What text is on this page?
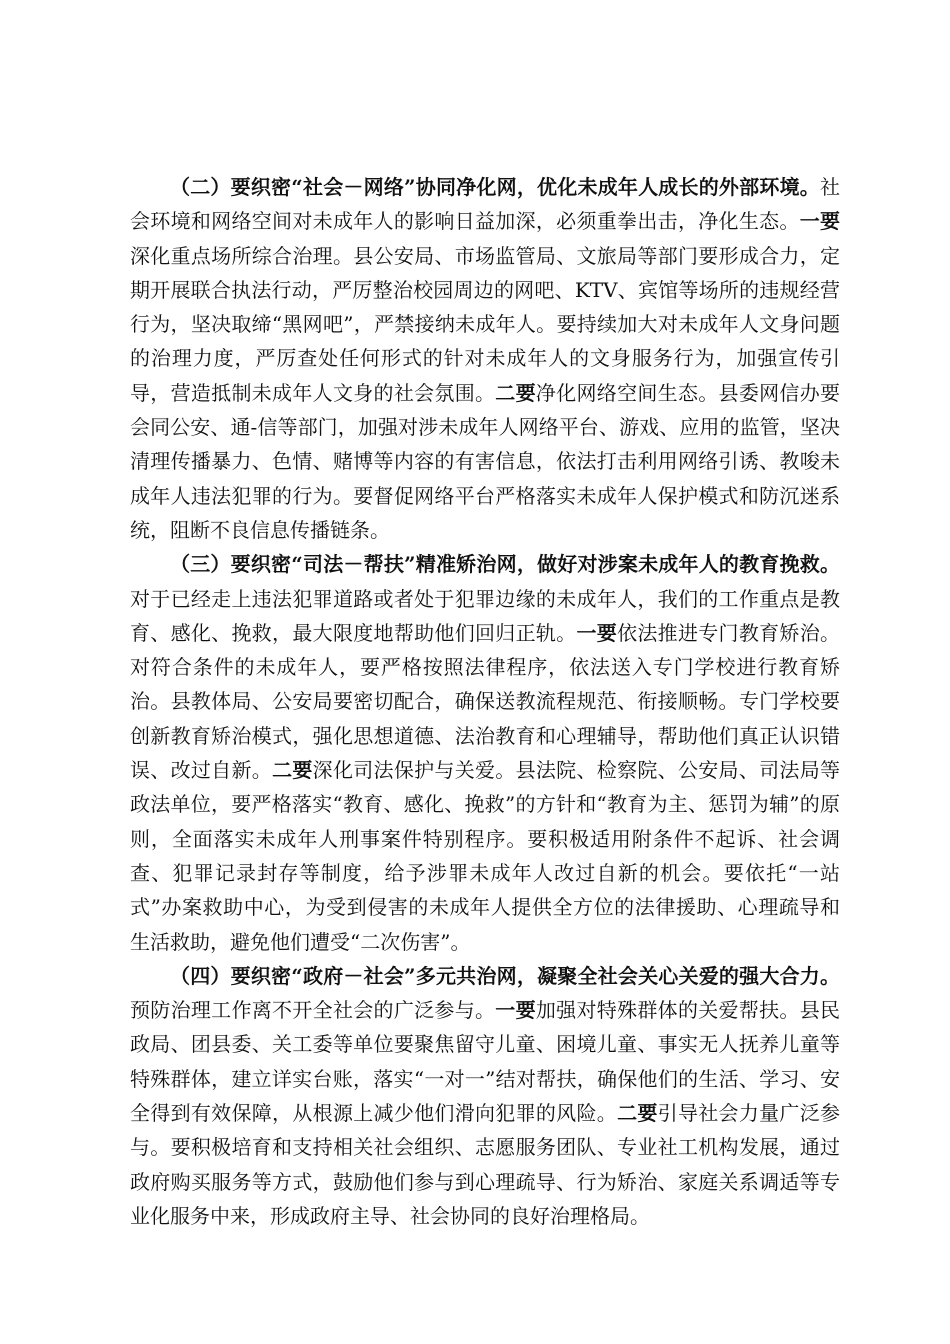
（二）要织密“社会－网络”协同净化网，优化未成年人成长的外部环境。社会环境和网络空间对未成年人的影响日益加深，必须重拳出击，净化生态。一要深化重点场所综合治理。县公安局、市场监管局、文旅局等部门要形成合力，定期开展联合执法行动，严厉整治校园周边的网吧、KTV、宾馆等场所的违规经营行为，坚决取缔“黑网吧”，严禁接纳未成年人。要持续加大对未成年人文身问题的治理力度，严厉查处任何形式的针对未成年人的文身服务行为，加强宣传引导，营造抵制未成年人文身的社会氛围。二要净化网络空间生态。县委网信办要会同公安、通-信等部门，加强对涉未成年人网络平台、游戏、应用的监管，坚决清理传播暴力、色情、赌博等内容的有害信息，依法打击利用网络引诱、教唆未成年人违法犯罪的行为。要督促网络平台严格落实未成年人保护模式和防沉迷系统，阻断不良信息传播链条。

（三）要织密“司法－帮扶”精准矫治网，做好对涉案未成年人的教育挽救。对于已经走上违法犯罪道路或者处于犯罪边缘的未成年人，我们的工作重点是教育、感化、挽救，最大限度地帮助他们回归正轨。一要依法推进专门教育矫治。对符合条件的未成年人，要严格按照法律程序，依法送入专门学校进行教育矫治。县教体局、公安局要密切配合，确保送教流程规范、衔接顺畅。专门学校要创新教育矫治模式，强化思想道德、法治教育和心理辅导，帮助他们真正认识错误、改过自新。二要深化司法保护与关爱。县法院、检察院、公安局、司法局等政法单位，要严格落实“教育、感化、挽救”的方针和“教育为主、惩罚为辅”的原则，全面落实未成年人刑事案件特别程序。要积极适用附条件不起诉、社会调查、犯罪记录封存等制度，给予涉罪未成年人改过自新的机会。要依托“一站式”办案救助中心，为受到侵害的未成年人提供全方位的法律援助、心理疏导和生活救助，避免他们遭受“二次伤害”。

（四）要织密“政府－社会”多元共治网，凝聚全社会关心关爱的强大合力。预防治理工作离不开全社会的广泛参与。一要加强对特殊群体的关爱帮扶。县民政局、团县委、关工委等单位要聚焦留守儿童、困境儿童、事实无人抚养儿童等特殊群体，建立详实台账，落实“一对一”结对帮扶，确保他们的生活、学习、安全得到有效保障，从根源上减少他们滑向犯罪的风险。二要引导社会力量广泛参与。要积极培育和支持相关社会组织、志愿服务团队、专业社工机构发展，通过政府购买服务等方式，鼓励他们参与到心理疏导、行为矫治、家庭关系调适等专业化服务中来，形成政府主导、社会协同的良好治理格局。
